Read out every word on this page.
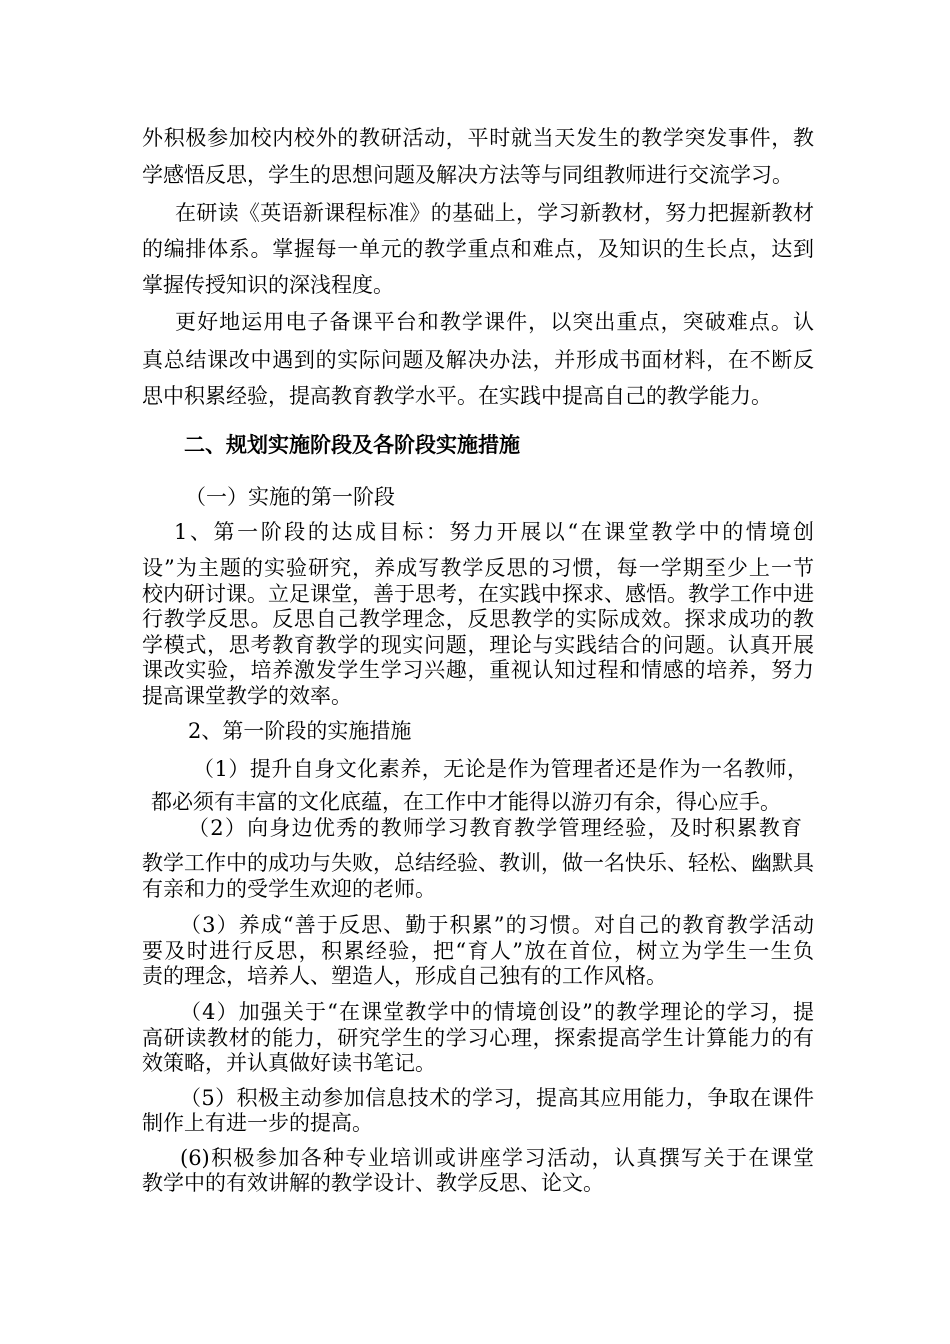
外积极参加校内校外的教研活动，平时就当天发生的教学突发事件，教
学感悟反思，学生的思想问题及解决方法等与同组教师进行交流学习。
在研读《英语新课程标准》的基础上，学习新教材，努力把握新教材
的编排体系。掌握每一单元的教学重点和难点，及知识的生长点，达到
掌握传授知识的深浅程度。
更好地运用电子备课平台和教学课件，以突出重点，突破难点。认
真总结课改中遇到的实际问题及解决办法，并形成书面材料，在不断反
思中积累经验，提高教育教学水平。在实践中提高自己的教学能力。
二、规划实施阶段及各阶段实施措施
（一）实施的第一阶段
1、第一阶段的达成目标：努力开展以“在课堂教学中的情境创
设”为主题的实验研究，养成写教学反思的习惯，每一学期至少上一节
校内研讨课。立足课堂，善于思考，在实践中探求、感悟。教学工作中进
行教学反思。反思自己教学理念，反思教学的实际成效。探求成功的教
学模式，思考教育教学的现实问题，理论与实践结合的问题。认真开展
课改实验，培养激发学生学习兴趣，重视认知过程和情感的培养，努力
提高课堂教学的效率。
2、第一阶段的实施措施
（1）提升自身文化素养，无论是作为管理者还是作为一名教师，
都必须有丰富的文化底蕴，在工作中才能得以游刃有余，得心应手。
（2）向身边优秀的教师学习教育教学管理经验，及时积累教育
教学工作中的成功与失败，总结经验、教训，做一名快乐、轻松、幽默具
有亲和力的受学生欢迎的老师。
（3）养成“善于反思、勤于积累”的习惯。对自己的教育教学活动
要及时进行反思，积累经验，把“育人”放在首位，树立为学生一生负
责的理念，培养人、塑造人，形成自己独有的工作风格。
（4）加强关于“在课堂教学中的情境创设”的教学理论的学习，提
高研读教材的能力，研究学生的学习心理，探索提高学生计算能力的有
效策略，并认真做好读书笔记。
（5）积极主动参加信息技术的学习，提高其应用能力，争取在课件
制作上有进一步的提高。
(6)积极参加各种专业培训或讲座学习活动，认真撰写关于在课堂
教学中的有效讲解的教学设计、教学反思、论文。
